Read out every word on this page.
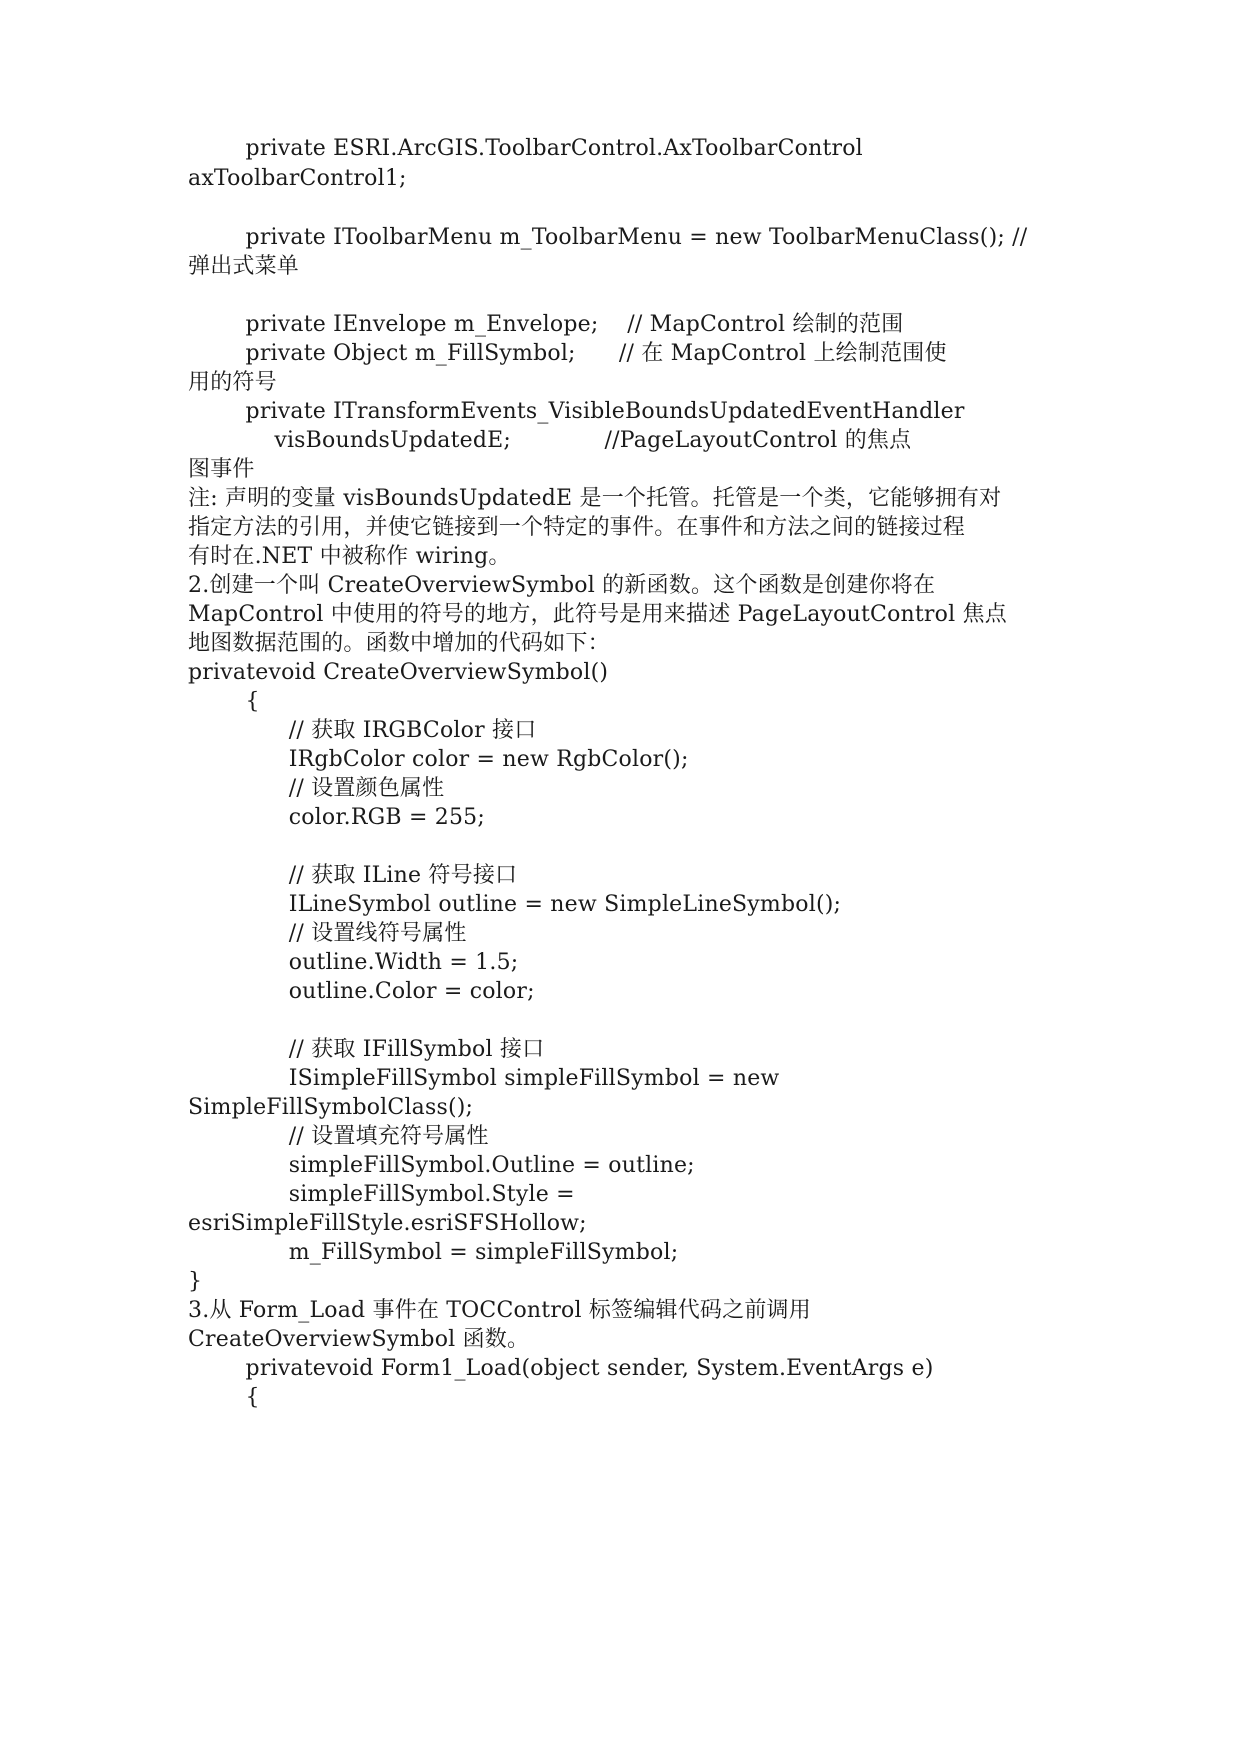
private ESRI.ArcGIS.ToolbarControl.AxToolbarControl
axToolbarControl1;
private IToolbarMenu m_ToolbarMenu = new ToolbarMenuClass(); //
弹出式菜单
private IEnvelope m_Envelope;    // MapControl 绘制的范围
private Object m_FillSymbol;      // 在 MapControl 上绘制范围使
用的符号
private ITransformEvents_VisibleBoundsUpdatedEventHandler
visBoundsUpdatedE;             //PageLayoutControl 的焦点
图事件
注: 声明的变量 visBoundsUpdatedE 是一个托管。托管是一个类，它能够拥有对
指定方法的引用，并使它链接到一个特定的事件。在事件和方法之间的链接过程
有时在.NET 中被称作 wiring。
2.创建一个叫 CreateOverviewSymbol 的新函数。这个函数是创建你将在
MapControl 中使用的符号的地方，此符号是用来描述 PageLayoutControl 焦点
地图数据范围的。函数中增加的代码如下：
privatevoid CreateOverviewSymbol()
{
// 获取 IRGBColor 接口
IRgbColor color = new RgbColor();
// 设置颜色属性
color.RGB = 255;
// 获取 ILine 符号接口
ILineSymbol outline = new SimpleLineSymbol();
// 设置线符号属性
outline.Width = 1.5;
outline.Color = color;
// 获取 IFillSymbol 接口
ISimpleFillSymbol simpleFillSymbol = new
SimpleFillSymbolClass();
// 设置填充符号属性
simpleFillSymbol.Outline = outline;
simpleFillSymbol.Style =
esriSimpleFillStyle.esriSFSHollow;
m_FillSymbol = simpleFillSymbol;
}
3.从 Form_Load 事件在 TOCControl 标签编辑代码之前调用
CreateOverviewSymbol 函数。
privatevoid Form1_Load(object sender, System.EventArgs e)
{
